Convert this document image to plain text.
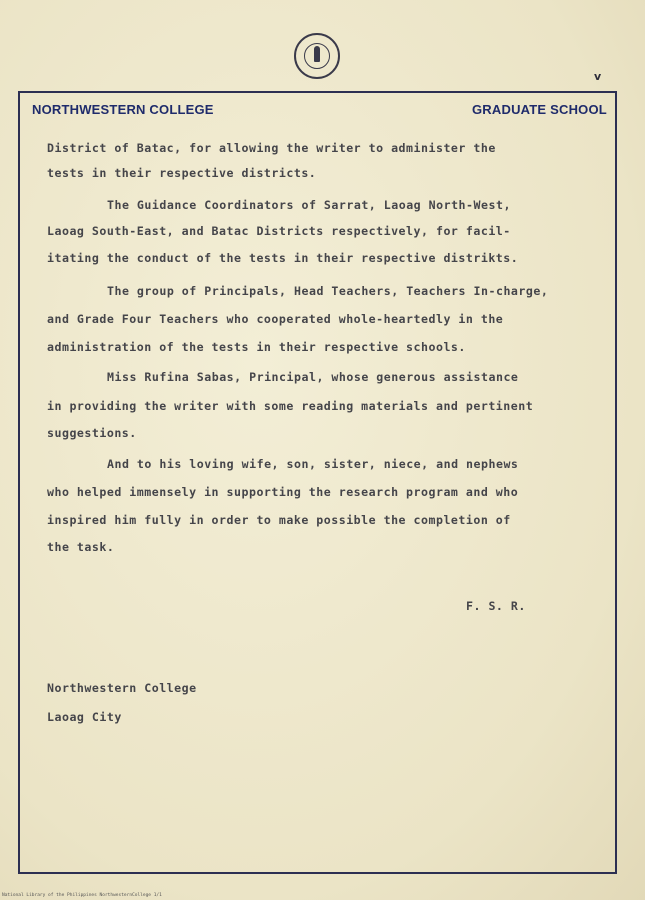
v
NORTHWESTERN COLLEGE	GRADUATE SCHOOL
District of Batac, for allowing the writer to administer the
tests in their respective districts.
The Guidance Coordinators of Sarrat, Laoag North-West,
Laoag South-East, and Batac Districts respectively, for facil-
itating the conduct of the tests in their respective distrikts.
The group of Principals, Head Teachers, Teachers In-charge,
and Grade Four Teachers who cooperated whole-heartedly in the
administration of the tests in their respective schools.
Miss Rufina Sabas, Principal, whose generous assistance
in providing the writer with some reading materials and pertinent
suggestions.
And to his loving wife, son, sister, niece, and nephews
who helped immensely in supporting the research program and who
inspired him fully in order to make possible the completion of
the task.
F. S. R.
Northwestern College
Laoag City
National Library of the Philippines NorthwesternCollege 1/1
